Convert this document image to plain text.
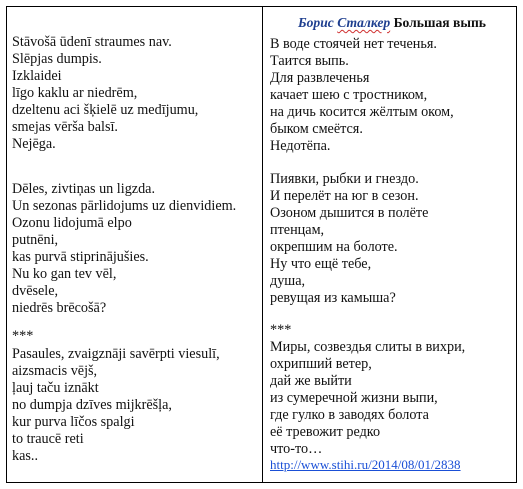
Stāvošā ūdenī straumes nav.
Slēpjas dumpis.
Izklaidei
līgo kaklu ar niedrēm,
dzeltenu aci šķielē uz medījumu,
smejas vērša balsī.
Nejēga.
Dēles, zivtiņas un ligzda.
Un sezonas pārlidojums uz dienvidiem.
Ozonu lidojumā elpo
putnēni,
kas purvā stiprinājušies.
Nu ko gan tev vēl,
dvēsele,
niedrēs brēcošā?
***
Pasaules, zvaigznāji savērpti viesulī,
aizsmacis vējš,
ļauj taču iznākt
no dumpja dzīves mijkrēšļa,
kur purva līčos spalgi
to traucē reti
kas..
Борис Сталкер Большая выпь
В воде стоячей нет теченья.
Таится выпь.
Для развлеченья
качает шею с тростником,
на дичь косится жёлтым оком,
быком смеётся.
Недотёпа.
Пиявки, рыбки и гнездо.
И перелёт на юг в сезон.
Озоном дышится в полёте
птенцам,
окрепшим на болоте.
Ну что ещё тебе,
душа,
ревущая из камыша?
***
Миры, созвездья слиты в вихри,
охрипший ветер,
дай же выйти
из сумеречной жизни выпи,
где гулко в заводях болота
её тревожит редко
что-то…
http://www.stihi.ru/2014/08/01/2838
